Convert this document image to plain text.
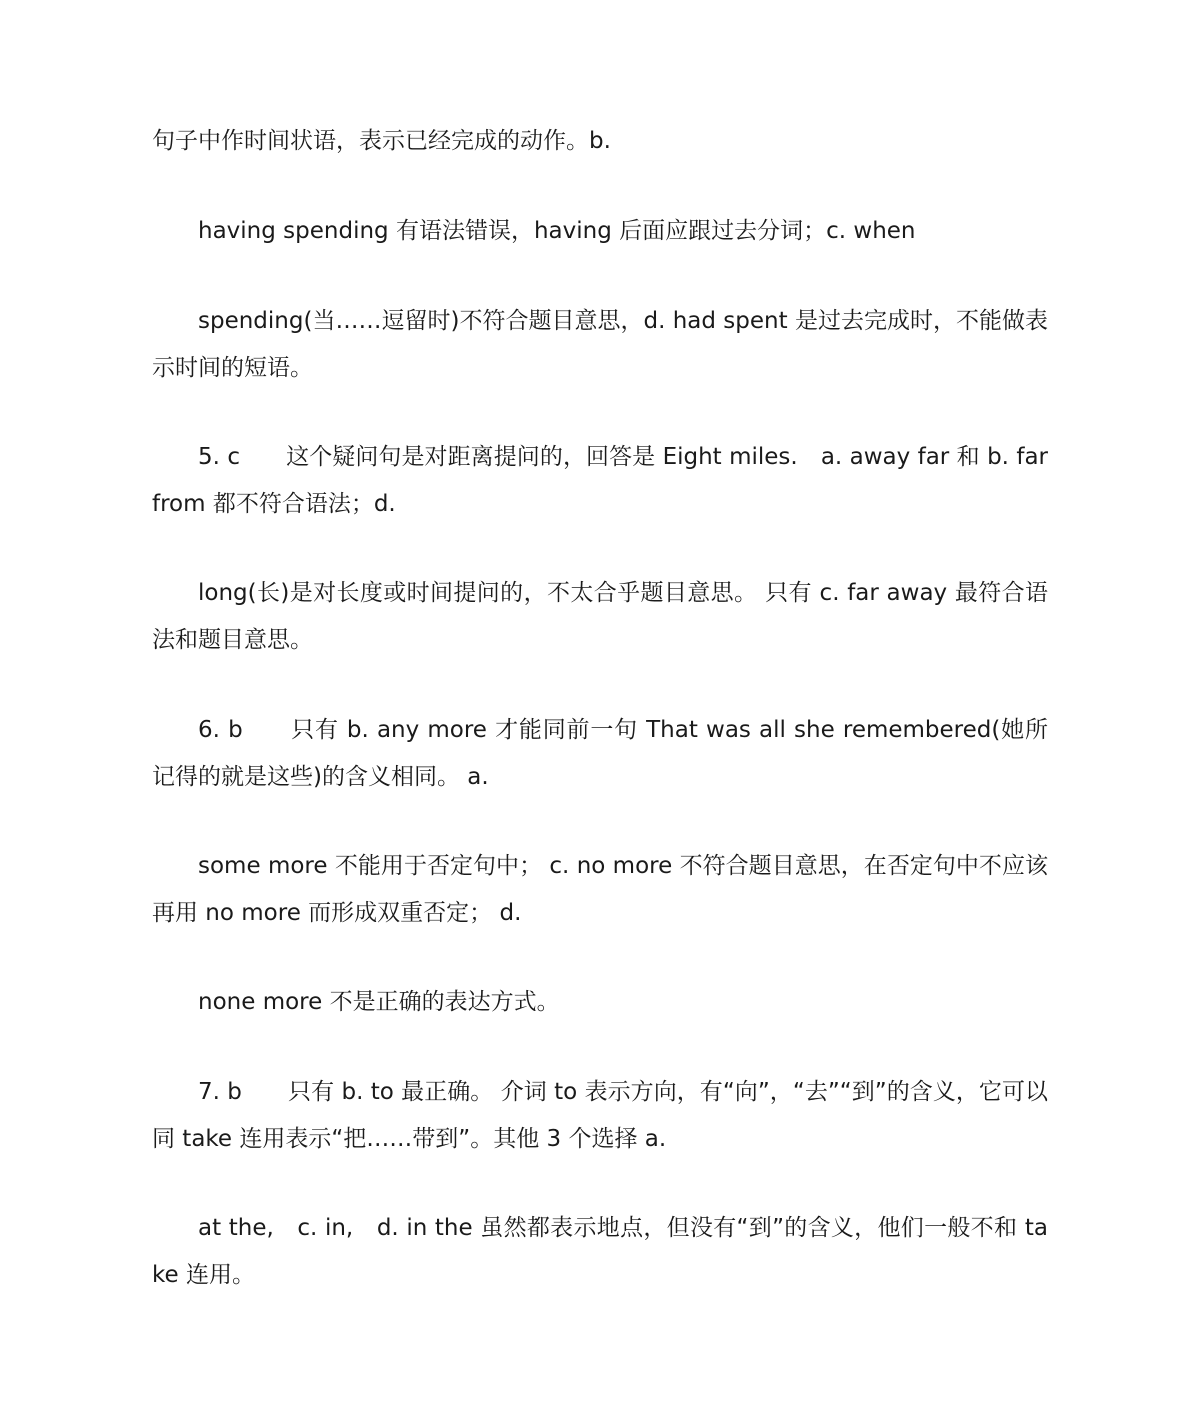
句子中作时间状语，表示已经完成的动作。b.

having spending 有语法错误，having 后面应跟过去分词；c. when

spending(当……逗留时)不符合题目意思，d. had spent 是过去完成时，不能做表示时间的短语。

5. c　　这个疑问句是对距离提问的，回答是 Eight miles.　a. away far 和 b. far from 都不符合语法；d.

long(长)是对长度或时间提问的，不太合乎题目意思。 只有 c. far away 最符合语法和题目意思。

6. b　　只有 b. any more 才能同前一句 That was all she remembered(她所记得的就是这些)的含义相同。 a.

some more 不能用于否定句中； c. no more 不符合题目意思，在否定句中不应该再用 no more 而形成双重否定； d.

none more 不是正确的表达方式。

7. b　　只有 b. to 最正确。 介词 to 表示方向，有“向”，“去”“到”的含义，它可以同 take 连用表示“把……带到”。其他 3 个选择 a.

at the,　c. in,　d. in the 虽然都表示地点，但没有“到”的含义，他们一般不和 take 连用。
